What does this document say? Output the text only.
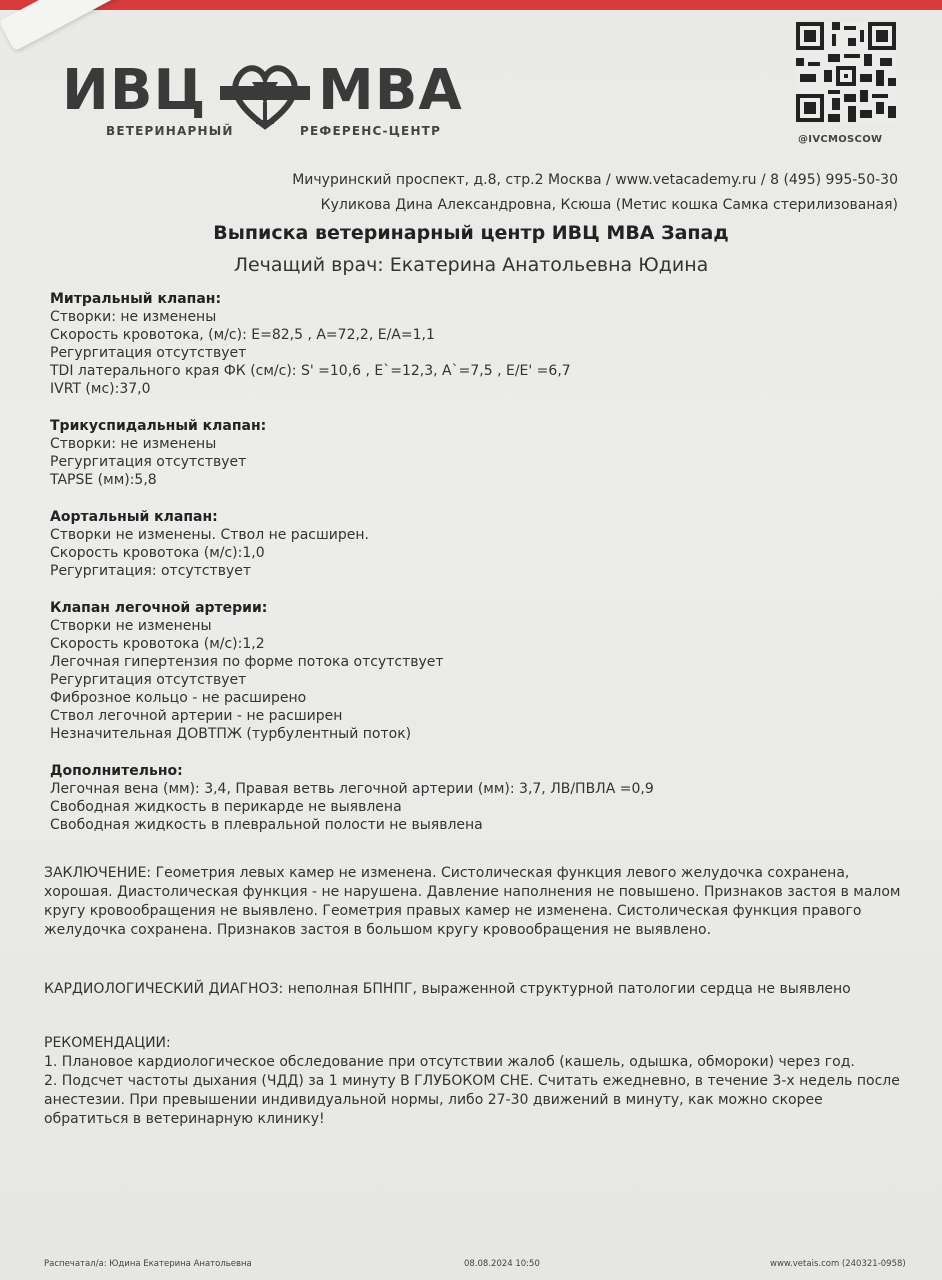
ИВЦ МВА
ВЕТЕРИНАРНЫЙ	РЕФЕРЕНС-ЦЕНТР
@IVCMOSCOW
Мичуринский проспект, д.8, стр.2 Москва / www.vetacademy.ru / 8 (495) 995-50-30
Куликова Дина Александровна, Ксюша (Метис кошка Самка стерилизованая)
Выписка ветеринарный центр ИВЦ МВА Запад
Лечащий врач: Екатерина Анатольевна Юдина
Митральный клапан:
Створки: не изменены
Скорость кровотока, (м/с): E=82,5 , A=72,2, E/A=1,1
Регургитация отсутствует
TDI латерального края ФК (см/с): S' =10,6 , E`=12,3, A`=7,5 , E/E' =6,7
IVRT (мс):37,0
Трикуспидальный клапан:
Створки: не изменены
Регургитация отсутствует
TAPSE (мм):5,8
Аортальный клапан:
Створки не изменены. Ствол не расширен.
Скорость кровотока (м/с):1,0
Регургитация: отсутствует
Клапан легочной артерии:
Створки не изменены
Скорость кровотока (м/с):1,2
Легочная гипертензия по форме потока отсутствует
Регургитация отсутствует
Фиброзное кольцо - не расширено
Ствол легочной артерии - не расширен
Незначительная ДОВТПЖ (турбулентный поток)
Дополнительно:
Легочная вена (мм): 3,4, Правая ветвь легочной артерии (мм): 3,7, ЛВ/ПВЛА =0,9
Свободная жидкость в перикарде не выявлена
Свободная жидкость в плевральной полости не выявлена
ЗАКЛЮЧЕНИЕ: Геометрия левых камер не изменена. Систолическая функция левого желудочка сохранена, хорошая. Диастолическая функция - не нарушена. Давление наполнения не повышено. Признаков застоя в малом кругу кровообращения не выявлено. Геометрия правых камер не изменена. Систолическая функция правого желудочка сохранена. Признаков застоя в большом кругу кровообращения не выявлено.
КАРДИОЛОГИЧЕСКИЙ ДИАГНОЗ: неполная БПНПГ, выраженной структурной патологии сердца не выявлено
РЕКОМЕНДАЦИИ:

1. Плановое кардиологическое обследование при отсутствии жалоб (кашель, одышка, обмороки) через год.

2. Подсчет частоты дыхания (ЧДД) за 1 минуту В ГЛУБОКОМ СНЕ. Считать ежедневно, в течение 3-х недель после анестезии. При превышении индивидуальной нормы, либо 27-30 движений в минуту, как можно скорее обратиться в ветеринарную клинику!

Распечатал/а: Юдина Екатерина Анатольевна	08.08.2024 10:50	www.vetais.com (240321-0958)
